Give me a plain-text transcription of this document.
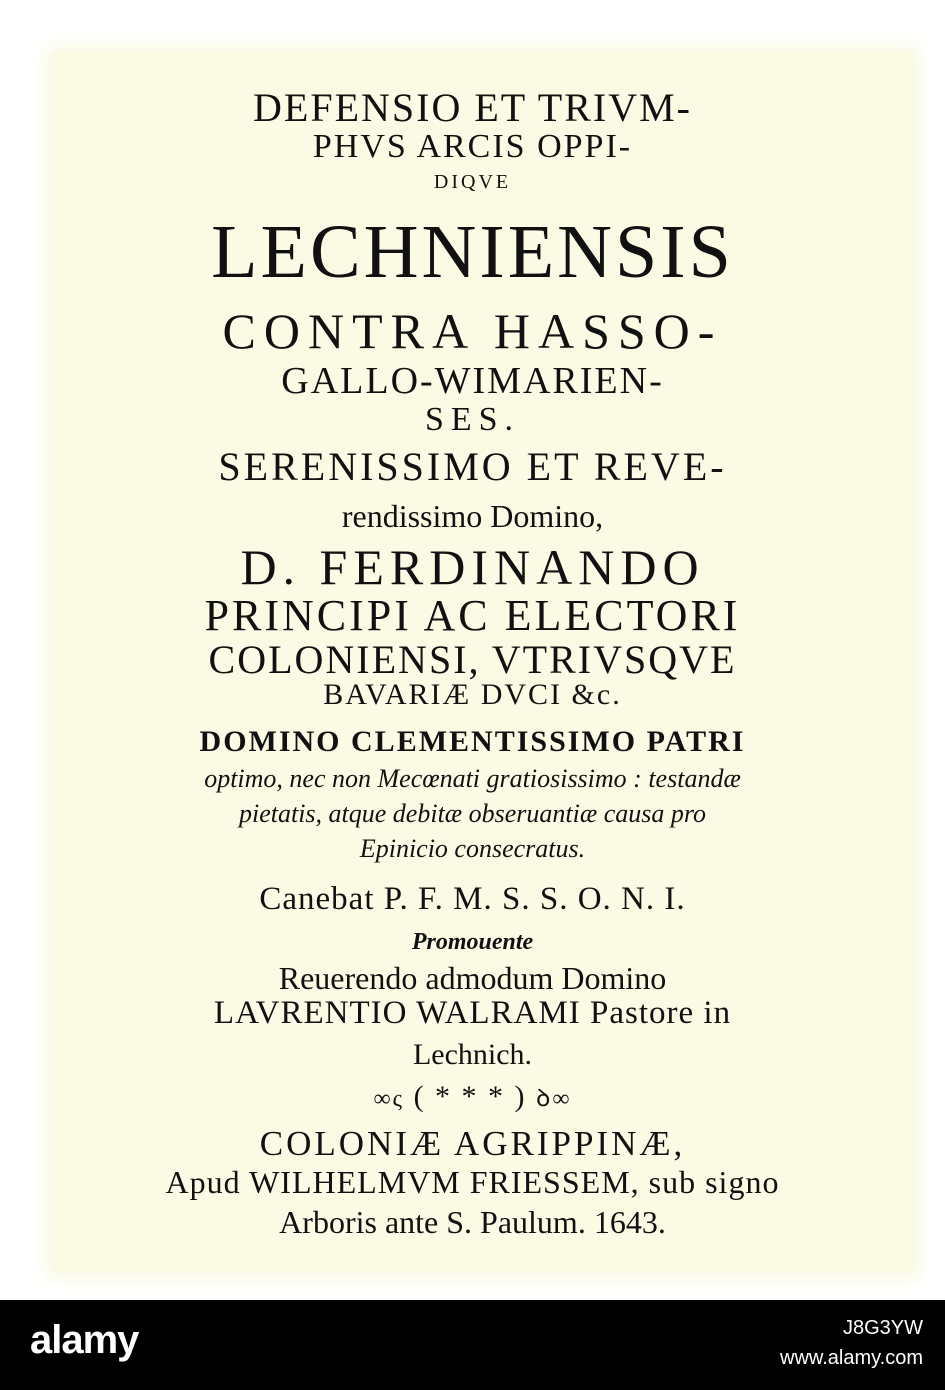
DEFENSIO ET TRIVM-
PHVS ARCIS OPPI-
DIQVE
LECHNIENSIS
CONTRA HASSO-
GALLO-WIMARIEN-
SES.
SERENISSIMO ET REVE-
rendissimo Domino,
D. FERDINANDO
PRINCIPI AC ELECTORI
COLONIENSI, VTRIVSQVE
BAVARIÆ DVCI &c.
DOMINO CLEMENTISSIMO PATRI
optimo, nec non Mecœnati gratiosissimo : testandæ
pietatis, atque debitæ obseruantiæ causa pro
Epinicio consecratus.
Canebat P. F. M. S. S. O. N. I.
Promouente
Reuerendo admodum Domino
LAVRENTIO WALRAMI Pastore in
Lechnich.
∞ς ( * * * ) ꝺ∞
COLONIÆ AGRIPPINÆ,
Apud WILHELMVM FRIESSEM, sub signo
Arboris ante S. Paulum. 1643.
alamy	J8G3YW
www.alamy.com
